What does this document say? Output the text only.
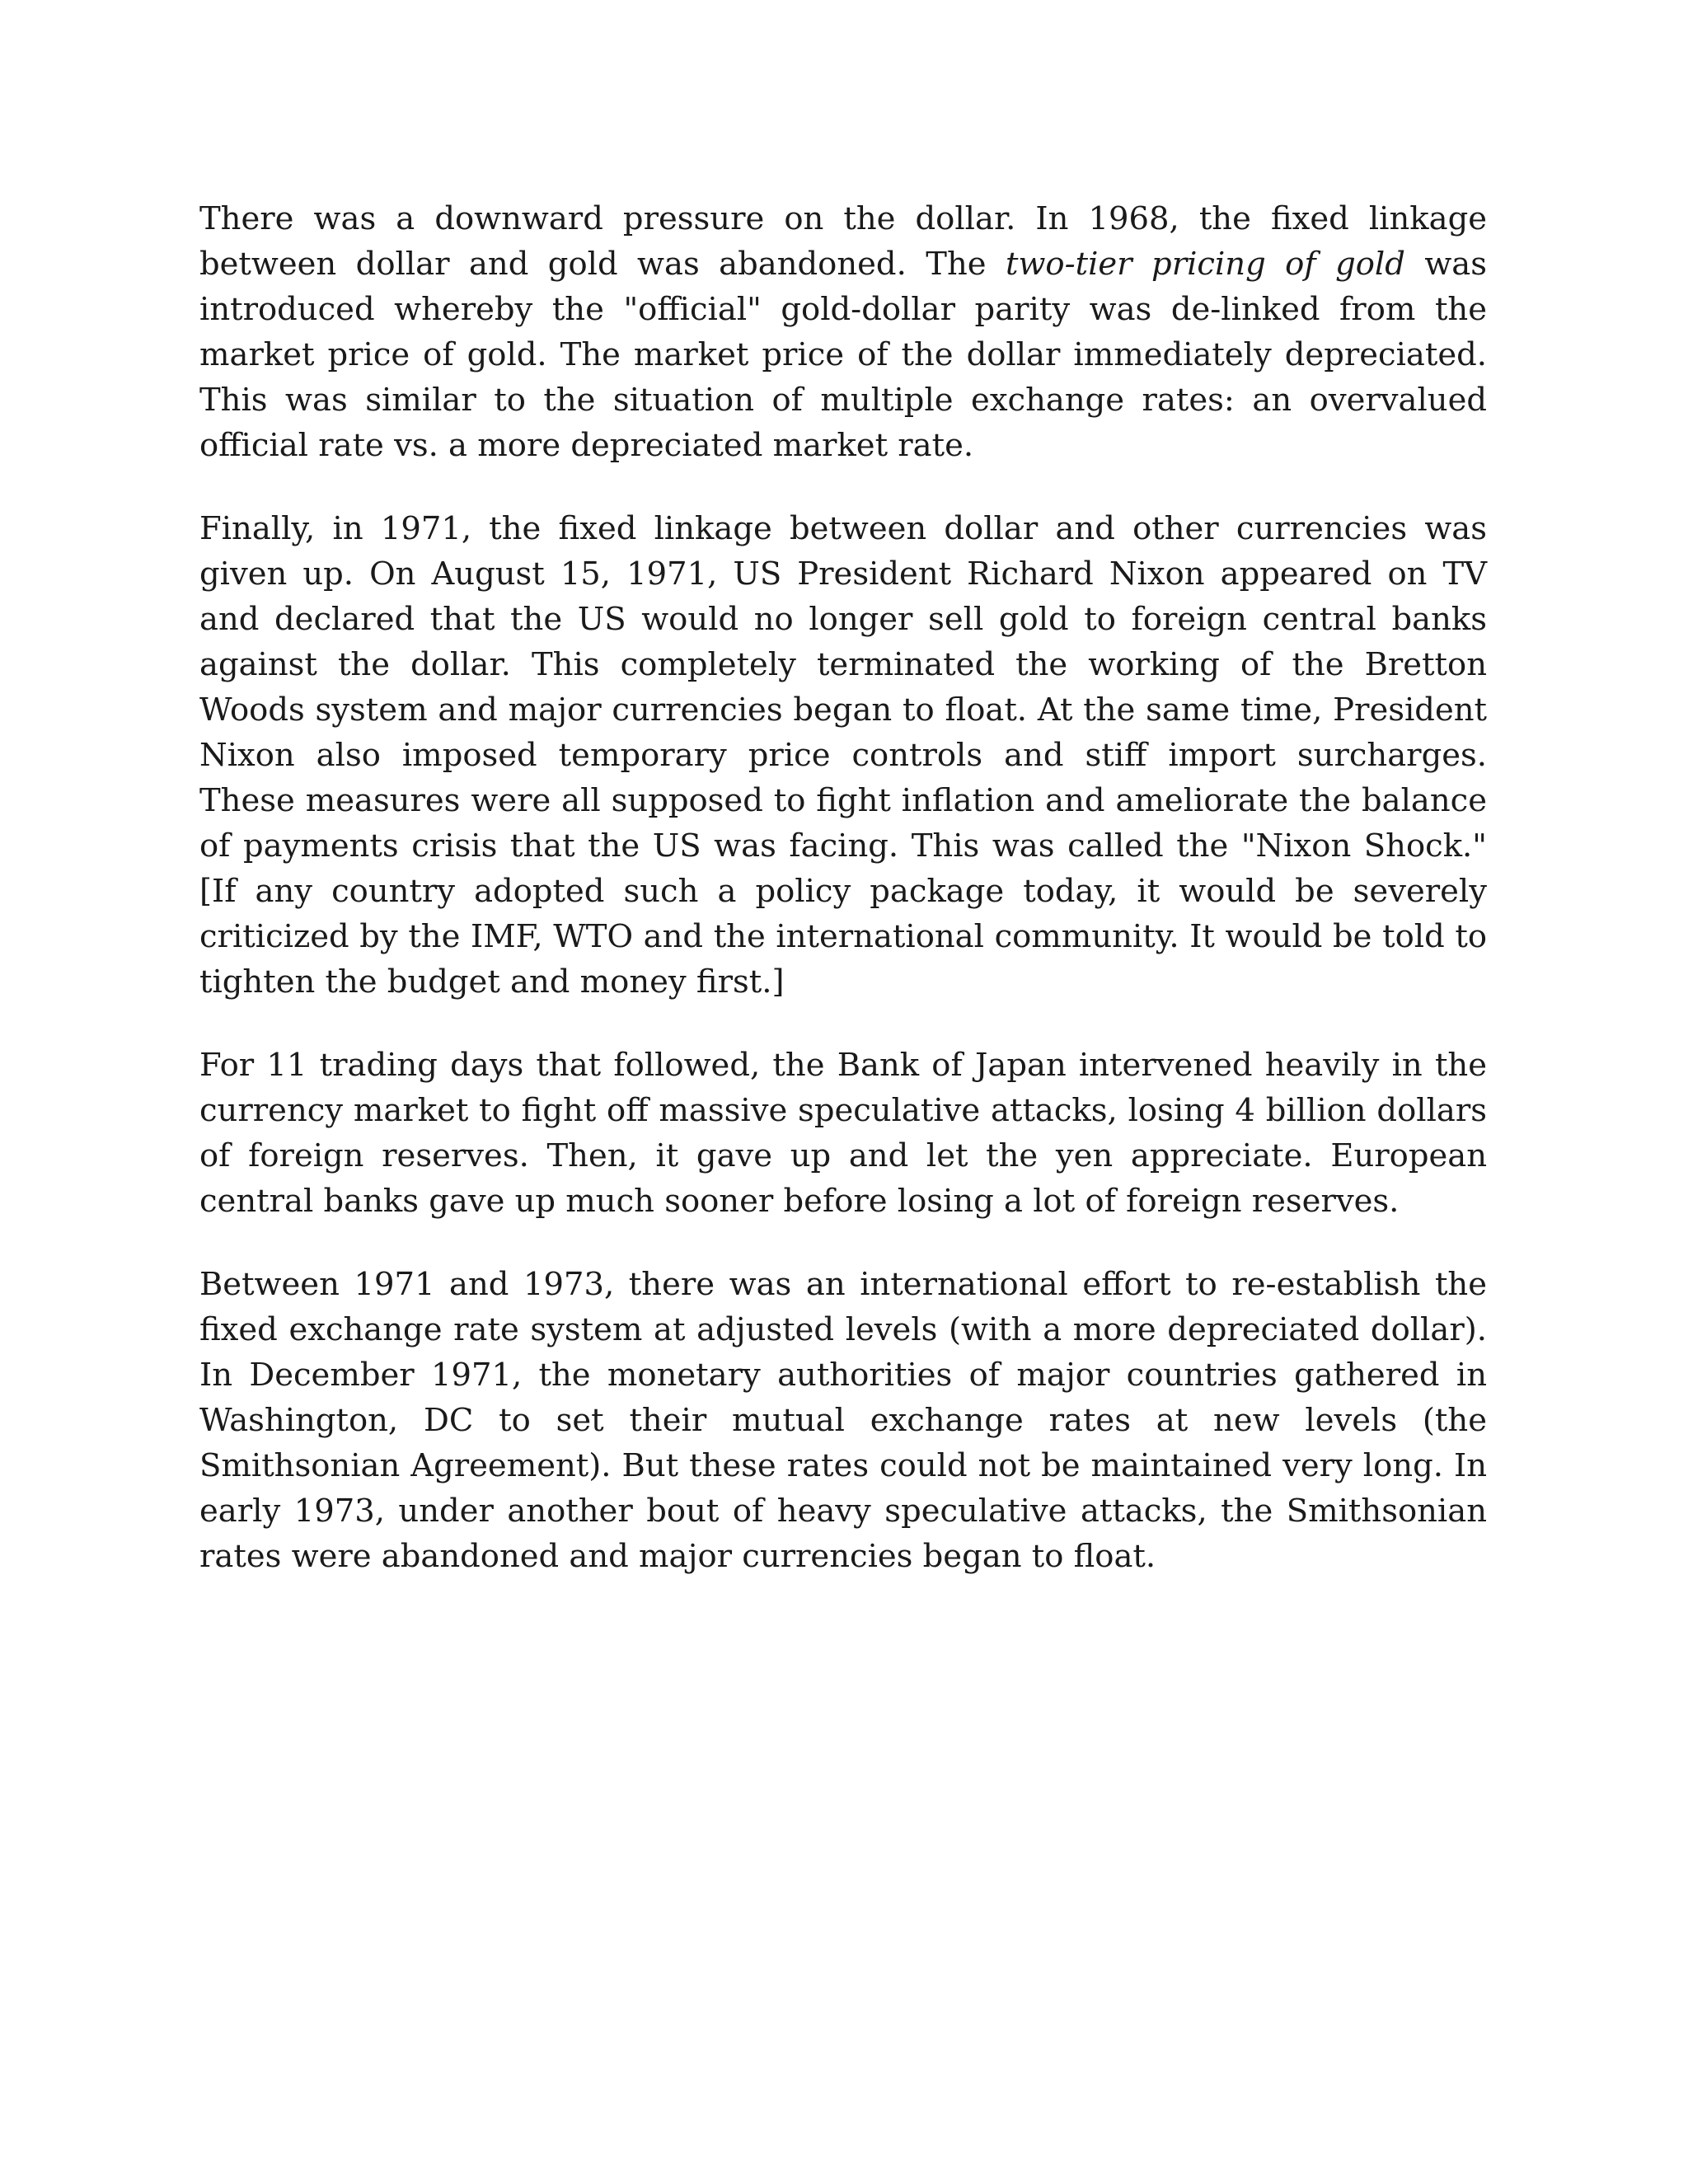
There was a downward pressure on the dollar. In 1968, the fixed linkage between dollar and gold was abandoned. The two-tier pricing of gold was introduced whereby the "official" gold-dollar parity was de-linked from the market price of gold. The market price of the dollar immediately depreciated. This was similar to the situation of multiple exchange rates: an overvalued official rate vs. a more depreciated market rate.

Finally, in 1971, the fixed linkage between dollar and other currencies was given up. On August 15, 1971, US President Richard Nixon appeared on TV and declared that the US would no longer sell gold to foreign central banks against the dollar. This completely terminated the working of the Bretton Woods system and major currencies began to float. At the same time, President Nixon also imposed temporary price controls and stiff import surcharges. These measures were all supposed to fight inflation and ameliorate the balance of payments crisis that the US was facing. This was called the "Nixon Shock." [If any country adopted such a policy package today, it would be severely criticized by the IMF, WTO and the international community. It would be told to tighten the budget and money first.]

For 11 trading days that followed, the Bank of Japan intervened heavily in the currency market to fight off massive speculative attacks, losing 4 billion dollars of foreign reserves. Then, it gave up and let the yen appreciate. European central banks gave up much sooner before losing a lot of foreign reserves.

Between 1971 and 1973, there was an international effort to re-establish the fixed exchange rate system at adjusted levels (with a more depreciated dollar). In December 1971, the monetary authorities of major countries gathered in Washington, DC to set their mutual exchange rates at new levels (the Smithsonian Agreement). But these rates could not be maintained very long. In early 1973, under another bout of heavy speculative attacks, the Smithsonian rates were abandoned and major currencies began to float.
